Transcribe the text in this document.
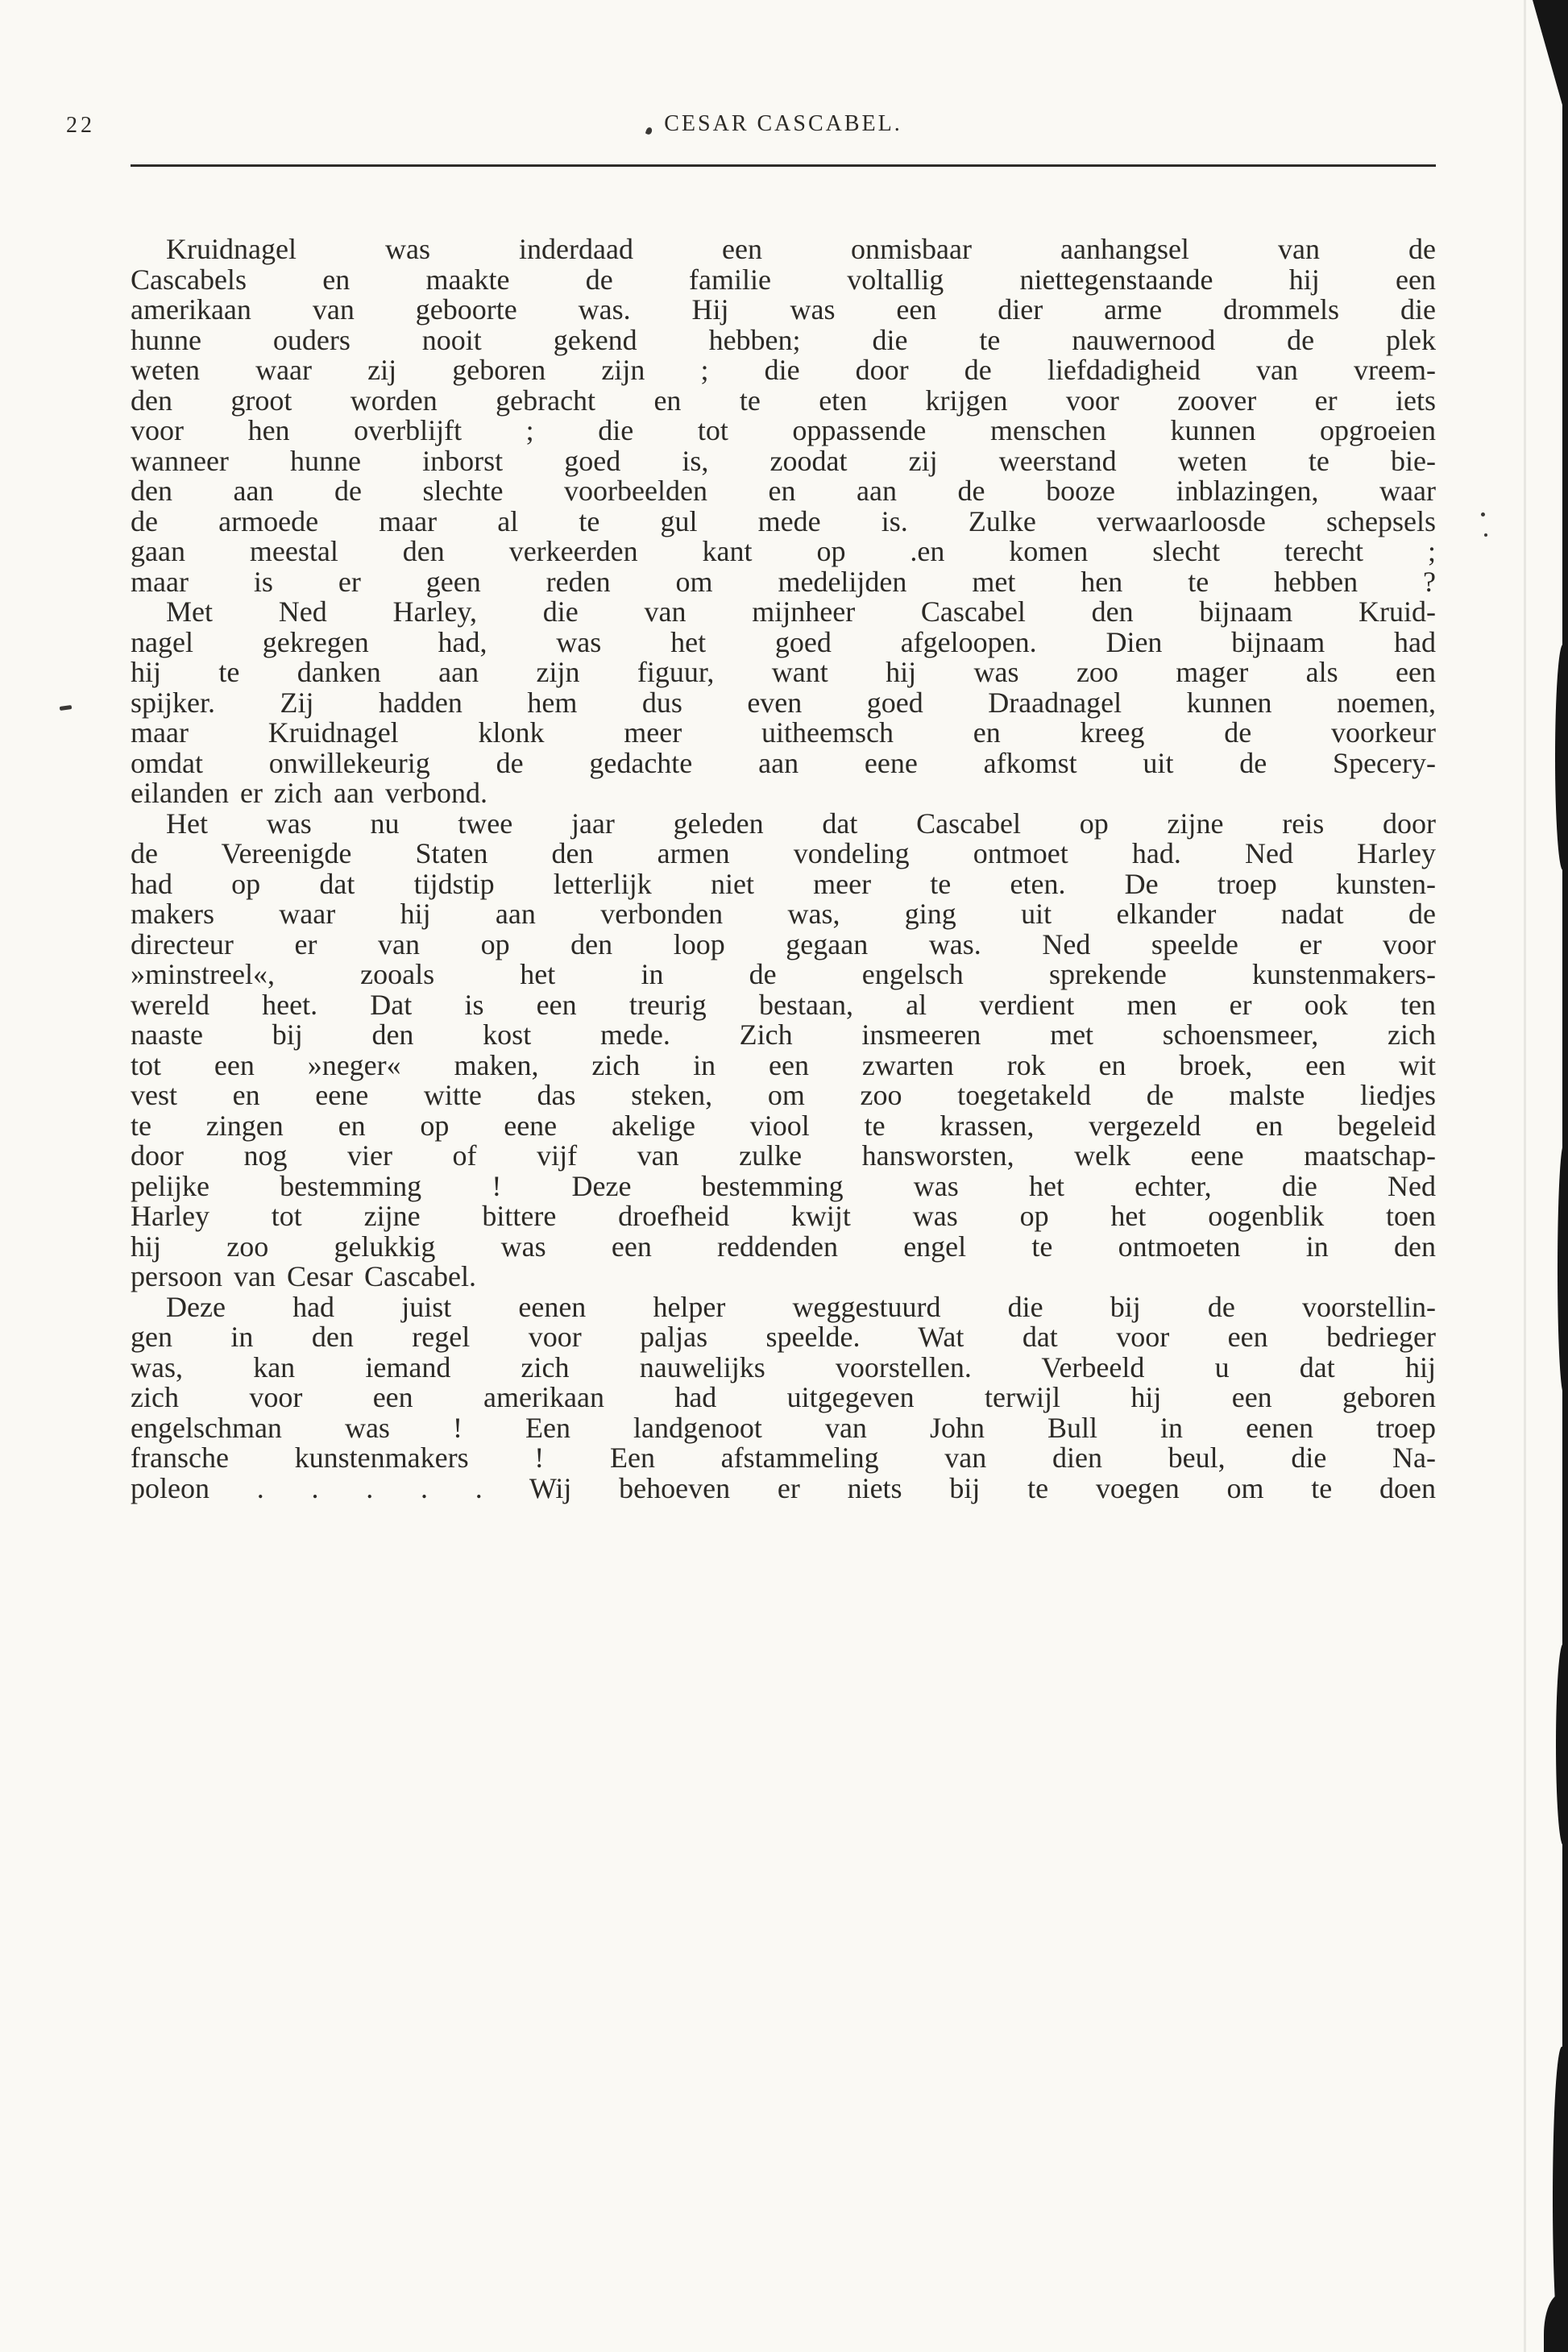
22	CESAR CASCABEL.
Kruidnagel was inderdaad een onmisbaar aanhangsel van de
Cascabels en maakte de familie voltallig niettegenstaande hij een
amerikaan van geboorte was. Hij was een dier arme drommels die
hunne ouders nooit gekend hebben; die te nauwernood de plek
weten waar zij geboren zijn ; die door de liefdadigheid van vreem-
den groot worden gebracht en te eten krijgen voor zoover er iets
voor hen overblijft ; die tot oppassende menschen kunnen opgroeien
wanneer hunne inborst goed is, zoodat zij weerstand weten te bie-
den aan de slechte voorbeelden en aan de booze inblazingen, waar
de armoede maar al te gul mede is. Zulke verwaarloosde schepsels
gaan meestal den verkeerden kant op .en komen slecht terecht ;
maar is er geen reden om medelijden met hen te hebben ?
Met Ned Harley, die van mijnheer Cascabel den bijnaam Kruid-
nagel gekregen had, was het goed afgeloopen. Dien bijnaam had
hij te danken aan zijn figuur, want hij was zoo mager als een
spijker. Zij hadden hem dus even goed Draadnagel kunnen noemen,
maar Kruidnagel klonk meer uitheemsch en kreeg de voorkeur
omdat onwillekeurig de gedachte aan eene afkomst uit de Specery-
eilanden er zich aan verbond.
Het was nu twee jaar geleden dat Cascabel op zijne reis door
de Vereenigde Staten den armen vondeling ontmoet had. Ned Harley
had op dat tijdstip letterlijk niet meer te eten. De troep kunsten-
makers waar hij aan verbonden was, ging uit elkander nadat de
directeur er van op den loop gegaan was. Ned speelde er voor
»minstreel«, zooals het in de engelsch sprekende kunstenmakers-
wereld heet. Dat is een treurig bestaan, al verdient men er ook ten
naaste bij den kost mede. Zich insmeeren met schoensmeer, zich
tot een »neger« maken, zich in een zwarten rok en broek, een wit
vest en eene witte das steken, om zoo toegetakeld de malste liedjes
te zingen en op eene akelige viool te krassen, vergezeld en begeleid
door nog vier of vijf van zulke hansworsten, welk eene maatschap-
pelijke bestemming ! Deze bestemming was het echter, die Ned
Harley tot zijne bittere droefheid kwijt was op het oogenblik toen
hij zoo gelukkig was een reddenden engel te ontmoeten in den
persoon van Cesar Cascabel.
Deze had juist eenen helper weggestuurd die bij de voorstellin-
gen in den regel voor paljas speelde. Wat dat voor een bedrieger
was, kan iemand zich nauwelijks voorstellen. Verbeeld u dat hij
zich voor een amerikaan had uitgegeven terwijl hij een geboren
engelschman was ! Een landgenoot van John Bull in eenen troep
fransche kunstenmakers ! Een afstammeling van dien beul, die Na-
poleon . . . . . Wij behoeven er niets bij te voegen om te doen
